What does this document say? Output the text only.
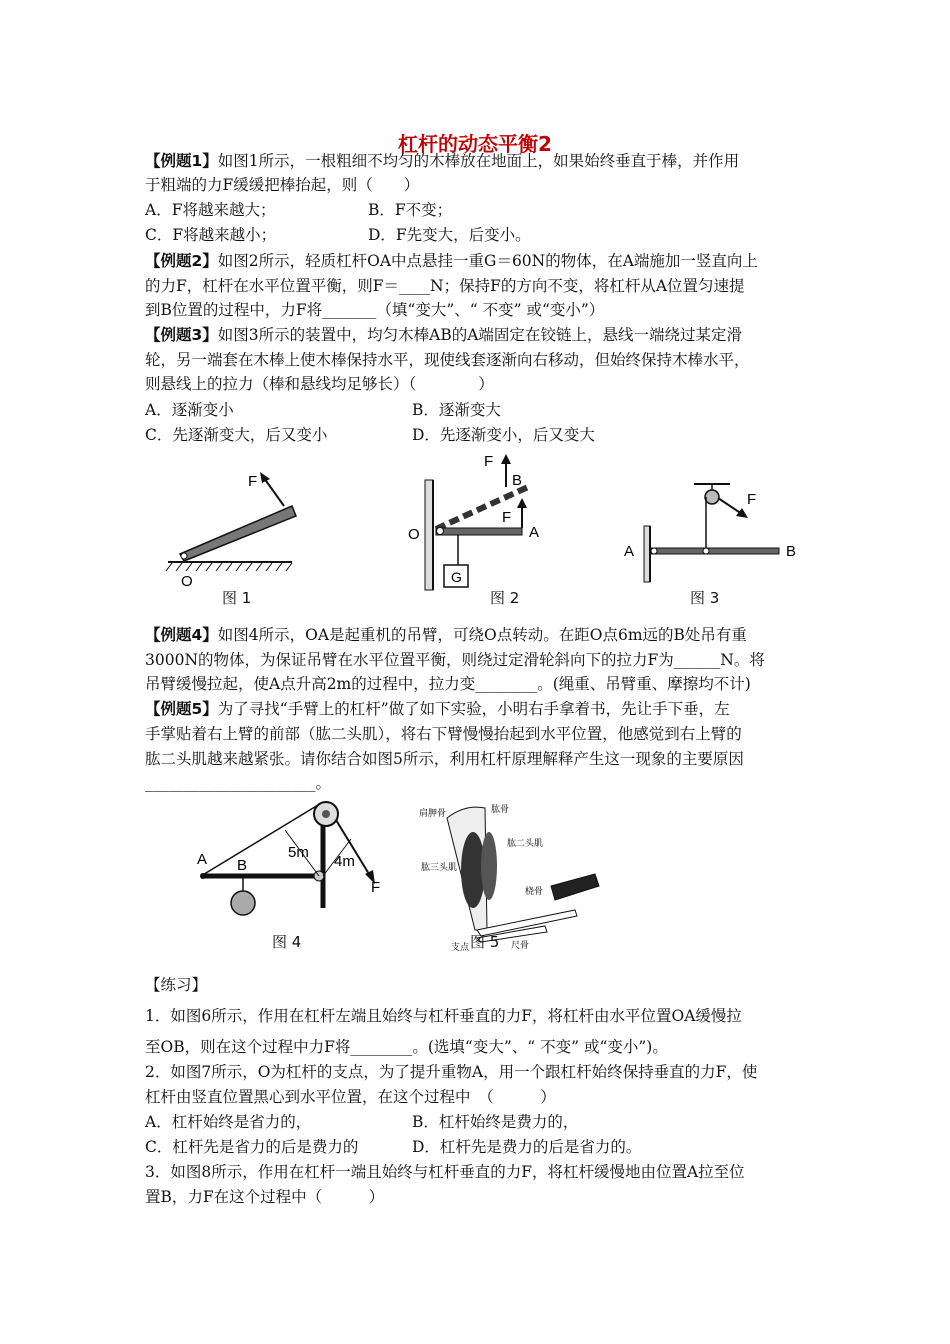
杠杆的动态平衡2
【例题1】如图1所示，一根粗细不均匀的木棒放在地面上，如果始终垂直于棒，并作用
于粗端的力F缓缓把棒抬起，则（　　）
A．F将越来越大；	B．F不变；
C．F将越来越小；	D．F先变大，后变小。
【例题2】如图2所示，轻质杠杆OA中点悬挂一重G＝60N的物体，在A端施加一竖直向上
的力F，杠杆在水平位置平衡，则F＝____N；保持F的方向不变，将杠杆从A位置匀速提
到B位置的过程中，力F将_______（填“变大”、“ 不变” 或“变小”）
【例题3】如图3所示的装置中，均匀木棒AB的A端固定在铰链上，悬线一端绕过某定滑
轮，另一端套在木棒上使木棒保持水平，现使线套逐渐向右移动，但始终保持木棒水平，
则悬线上的拉力（棒和悬线均足够长）（　　　　）
A．逐渐变小	B．逐渐变大
C．先逐渐变大，后又变小	D．先逐渐变小，后又变大
F
O
F
B
F
O	A
G
F
A	B
图 1	图 2	图 3
【例题4】如图4所示，OA是起重机的吊臂，可绕O点转动。在距O点6m远的B处吊有重
3000N的物体，为保证吊臂在水平位置平衡，则绕过定滑轮斜向下的拉力F为______N。将
吊臂缓慢拉起，使A点升高2m的过程中，拉力变________。(绳重、吊臂重、摩擦均不计)
【例题5】为了寻找“手臂上的杠杆”做了如下实验，小明右手拿着书，先让手下垂，左
手掌贴着右上臂的前部（肱二头肌），将右下臂慢慢抬起到水平位置，他感觉到右上臂的
肱二头肌越来越紧张。请你结合如图5所示，利用杠杆原理解释产生这一现象的主要原因
______________________。
A B
5m
4m
F
肩胛骨	肱骨
肱二头肌
肱三头肌
桡骨
支点	尺骨
图 4	图 5
【练习】
1．如图6所示，作用在杠杆左端且始终与杠杆垂直的力F，将杠杆由水平位置OA缓慢拉
至OB，则在这个过程中力F将________。(选填“变大”、“ 不变” 或“变小”)。
2．如图7所示，O为杠杆的支点，为了提升重物A，用一个跟杠杆始终保持垂直的力F，使
杠杆由竖直位置黑心到水平位置，在这个过程中　（　　　）
A．杠杆始终是省力的，	B．杠杆始终是费力的，
C．杠杆先是省力的后是费力的	D．杠杆先是费力的后是省力的。
3．如图8所示，作用在杠杆一端且始终与杠杆垂直的力F，将杠杆缓慢地由位置A拉至位
置B，力F在这个过程中（　　　）
